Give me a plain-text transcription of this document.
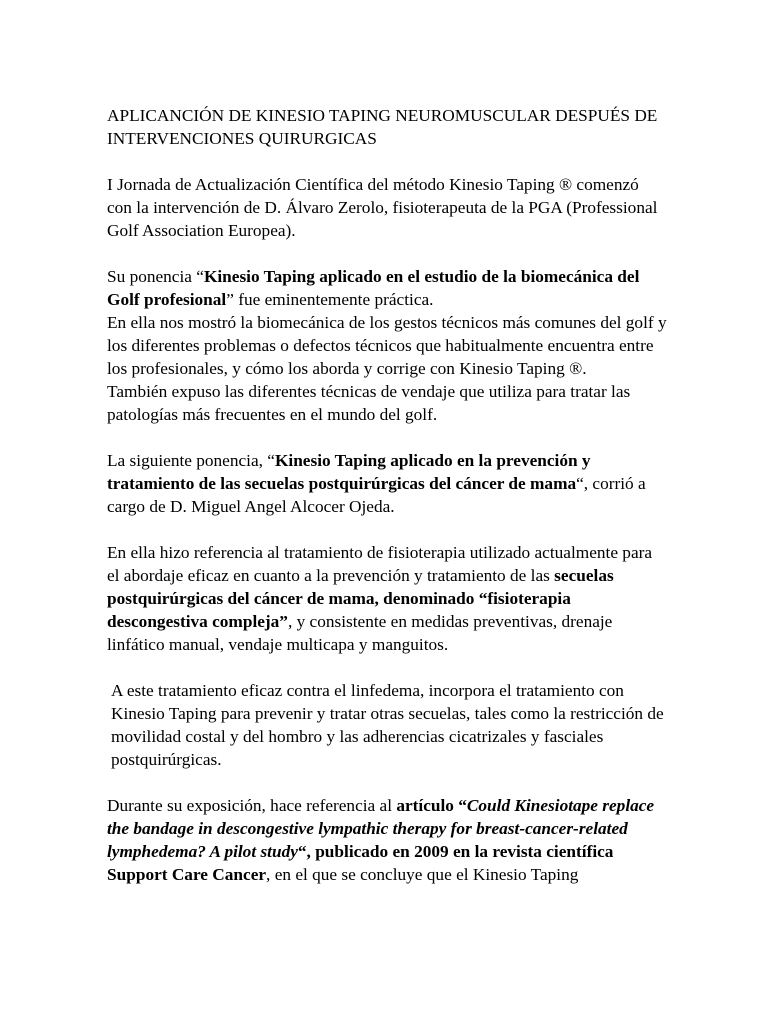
APLICANCIÓN DE KINESIO TAPING NEUROMUSCULAR DESPUÉS DE INTERVENCIONES QUIRURGICAS

I Jornada de Actualización Científica del método Kinesio Taping ® comenzó con la intervención de D. Álvaro Zerolo, fisioterapeuta de la PGA (Professional Golf Association Europea).

Su ponencia “Kinesio Taping aplicado en el estudio de la biomecánica del Golf profesional” fue eminentemente práctica.

En ella nos mostró la biomecánica de los gestos técnicos más comunes del golf y los diferentes problemas o defectos técnicos que habitualmente encuentra entre los profesionales, y cómo los aborda y corrige con Kinesio Taping ®.

También expuso las diferentes técnicas de vendaje que utiliza para tratar las patologías más frecuentes en el mundo del golf.

La siguiente ponencia, “Kinesio Taping aplicado en la prevención y tratamiento de las secuelas postquirúrgicas del cáncer de mama“, corrió a cargo de D. Miguel Angel Alcocer Ojeda.

En ella hizo referencia al tratamiento de fisioterapia utilizado actualmente para el abordaje eficaz en cuanto a la prevención y tratamiento de las secuelas postquirúrgicas del cáncer de mama, denominado “fisioterapia descongestiva compleja”, y consistente en medidas preventivas, drenaje linfático manual, vendaje multicapa y manguitos.

A este tratamiento eficaz contra el linfedema, incorpora el tratamiento con Kinesio Taping para prevenir y tratar otras secuelas, tales como la restricción de movilidad costal y del hombro y las adherencias cicatrizales y fasciales postquirúrgicas.

Durante su exposición, hace referencia al artículo “Could Kinesiotape replace the bandage in descongestive lympathic therapy for breast-cancer-related lymphedema? A pilot study“, publicado en 2009 en la revista científica Support Care Cancer, en el que se concluye que el Kinesio Taping
